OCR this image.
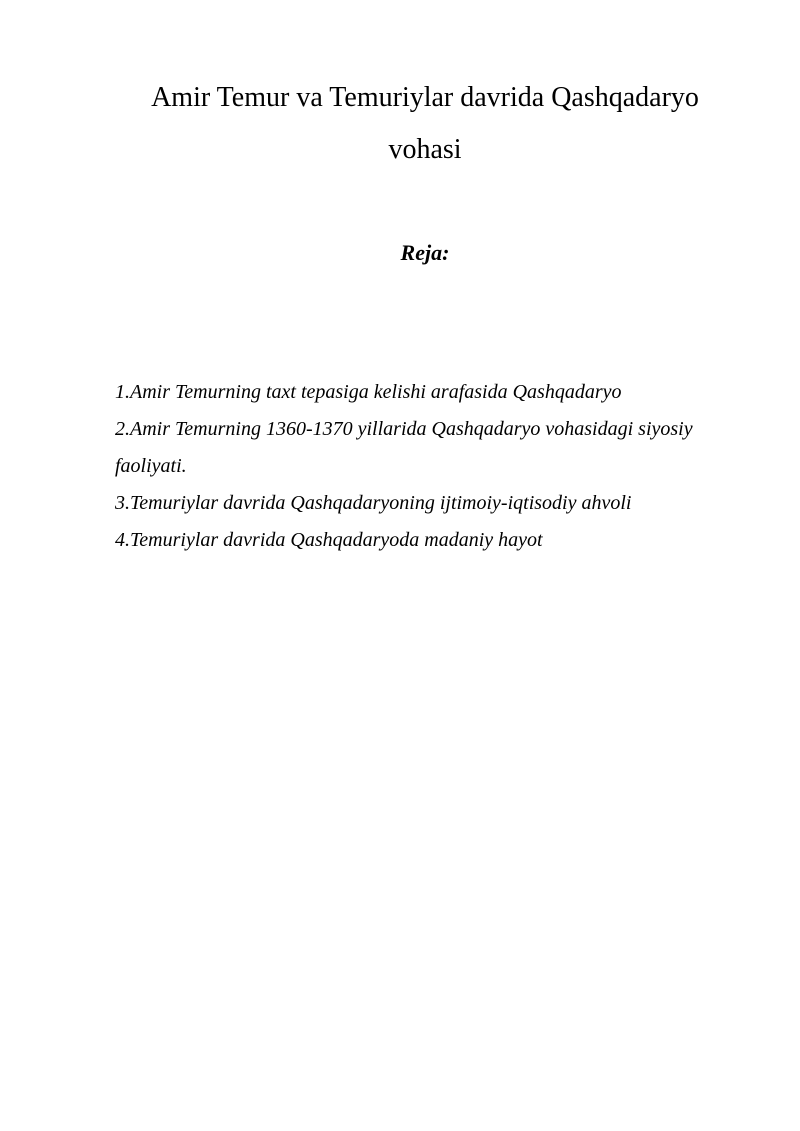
Amir Temur va Temuriylar davrida Qashqadaryo
vohasi
Reja:
1.Amir Temurning taxt tepasiga kelishi arafasida Qashqadaryo
2.Amir Temurning 1360-1370 yillarida Qashqadaryo vohasidagi siyosiy faoliyati.
3.Temuriylar davrida Qashqadaryoning ijtimoiy-iqtisodiy ahvoli
4.Temuriylar davrida Qashqadaryoda madaniy hayot
